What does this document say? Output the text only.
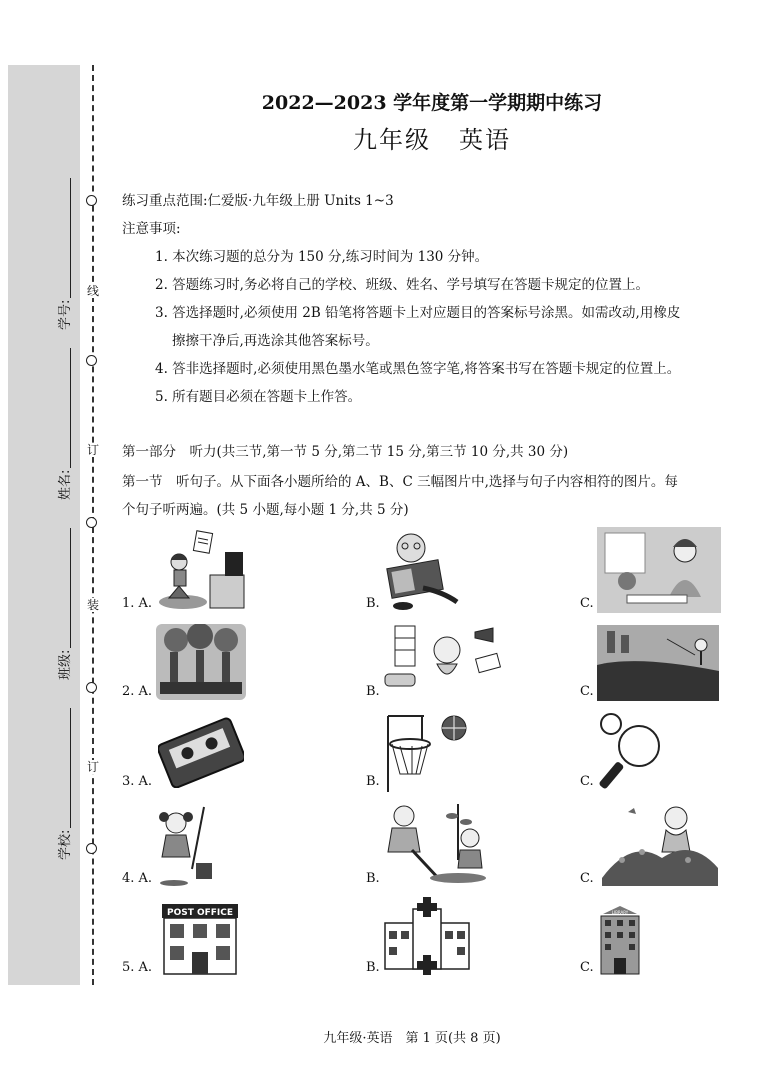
线
订
装
订
学号:
姓名:
班级:
学校:
2022—2023 学年度第一学期期中练习
九年级 英语
练习重点范围:仁爱版·九年级上册 Units 1~3
注意事项:
1. 本次练习题的总分为 150 分,练习时间为 130 分钟。
2. 答题练习时,务必将自己的学校、班级、姓名、学号填写在答题卡规定的位置上。
3. 答选择题时,必须使用 2B 铅笔将答题卡上对应题目的答案标号涂黑。如需改动,用橡皮
擦擦干净后,再选涂其他答案标号。
4. 答非选择题时,必须使用黑色墨水笔或黑色签字笔,将答案书写在答题卡规定的位置上。
5. 所有题目必须在答题卡上作答。
第一部分　听力(共三节,第一节 5 分,第二节 15 分,第三节 10 分,共 30 分)
第一节　听句子。从下面各小题所给的 A、B、C 三幅图片中,选择与句子内容相符的图片。每
个句子听两遍。(共 5 小题,每小题 1 分,共 5 分)
1. A.	B.	C.
2. A.	B.	C.
3. A.	B.	C.
4. A.	B.	C.
5. A.	B.	C.
POST OFFICE	LIBRARY
九年级·英语　第 1 页(共 8 页)
